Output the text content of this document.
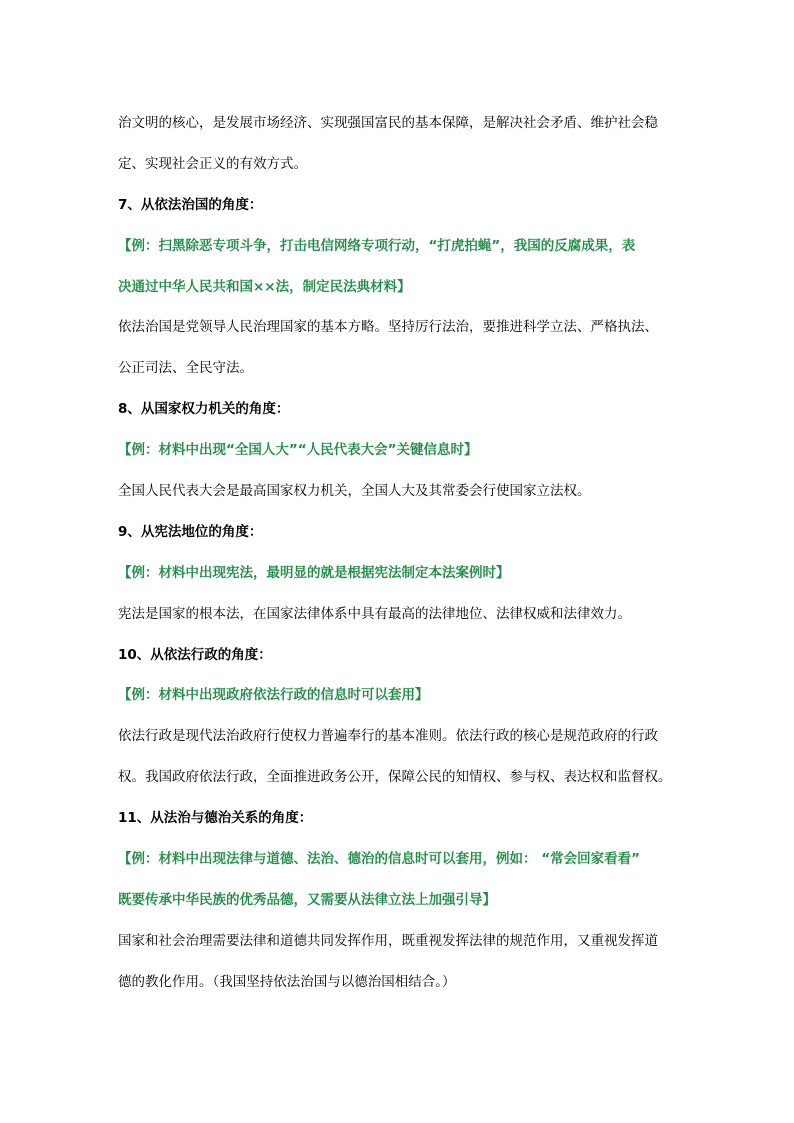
治文明的核心，是发展市场经济、实现强国富民的基本保障，是解决社会矛盾、维护社会稳
定、实现社会正义的有效方式。
7、从依法治国的角度：
【例：扫黑除恶专项斗争，打击电信网络专项行动，“打虎拍蝇”，我国的反腐成果，表
决通过中华人民共和国××法，制定民法典材料】
依法治国是党领导人民治理国家的基本方略。坚持厉行法治，要推进科学立法、严格执法、
公正司法、全民守法。
8、从国家权力机关的角度：
【例：材料中出现“全国人大”“人民代表大会”关键信息时】
全国人民代表大会是最高国家权力机关，全国人大及其常委会行使国家立法权。
9、从宪法地位的角度：
【例：材料中出现宪法，最明显的就是根据宪法制定本法案例时】
宪法是国家的根本法，在国家法律体系中具有最高的法律地位、法律权威和法律效力。
10、从依法行政的角度：
【例：材料中出现政府依法行政的信息时可以套用】
依法行政是现代法治政府行使权力普遍奉行的基本准则。依法行政的核心是规范政府的行政
权。我国政府依法行政，全面推进政务公开，保障公民的知情权、参与权、表达权和监督权。
11、从法治与德治关系的角度：
【例：材料中出现法律与道德、法治、德治的信息时可以套用，例如： “常会回家看看”
既要传承中华民族的优秀品德，又需要从法律立法上加强引导】
国家和社会治理需要法律和道德共同发挥作用，既重视发挥法律的规范作用，又重视发挥道
德的教化作用。（我国坚持依法治国与以德治国相结合。）
